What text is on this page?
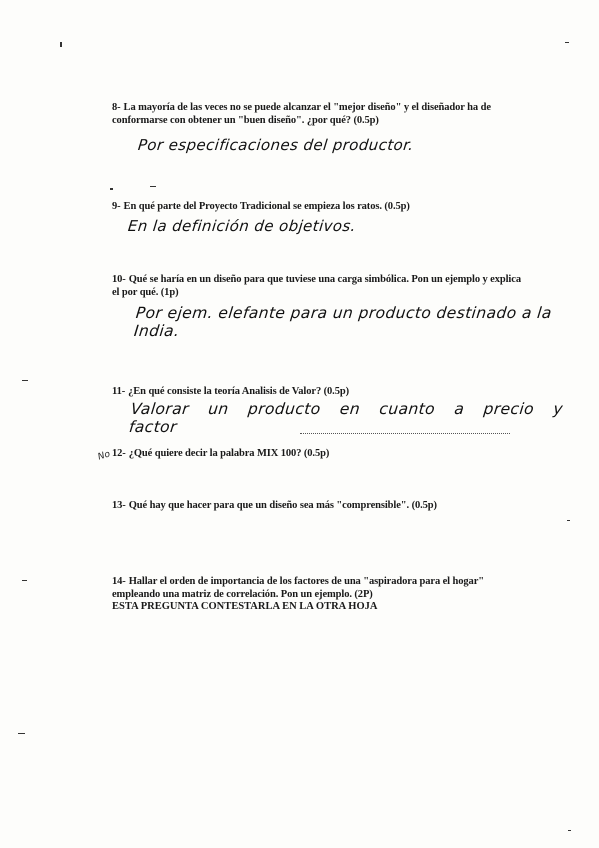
8- La mayoría de las veces no se puede alcanzar el "mejor diseño" y el diseñador ha de conformarse con obtener un "buen diseño". ¿por qué? (0.5p)
Por especificaciones del productor.
9- En qué parte del Proyecto Tradicional se empieza los ratos. (0.5p)
En la definición de objetivos.
10- Qué se haría en un diseño para que tuviese una carga simbólica. Pon un ejemplo y explica el por qué. (1p)
Por ejem. elefante para un producto destinado a la India.
11- ¿En qué consiste la teoría Analisis de Valor? (0.5p)
Valorar un producto en cuanto a precio y factor
No 12- ¿Qué quiere decir la palabra MIX 100? (0.5p)
13- Qué hay que hacer para que un diseño sea más "comprensible". (0.5p)
14- Hallar el orden de importancia de los factores de una "aspiradora para el hogar" empleando una matriz de correlación. Pon un ejemplo. (2P)
ESTA PREGUNTA CONTESTARLA EN LA OTRA HOJA
